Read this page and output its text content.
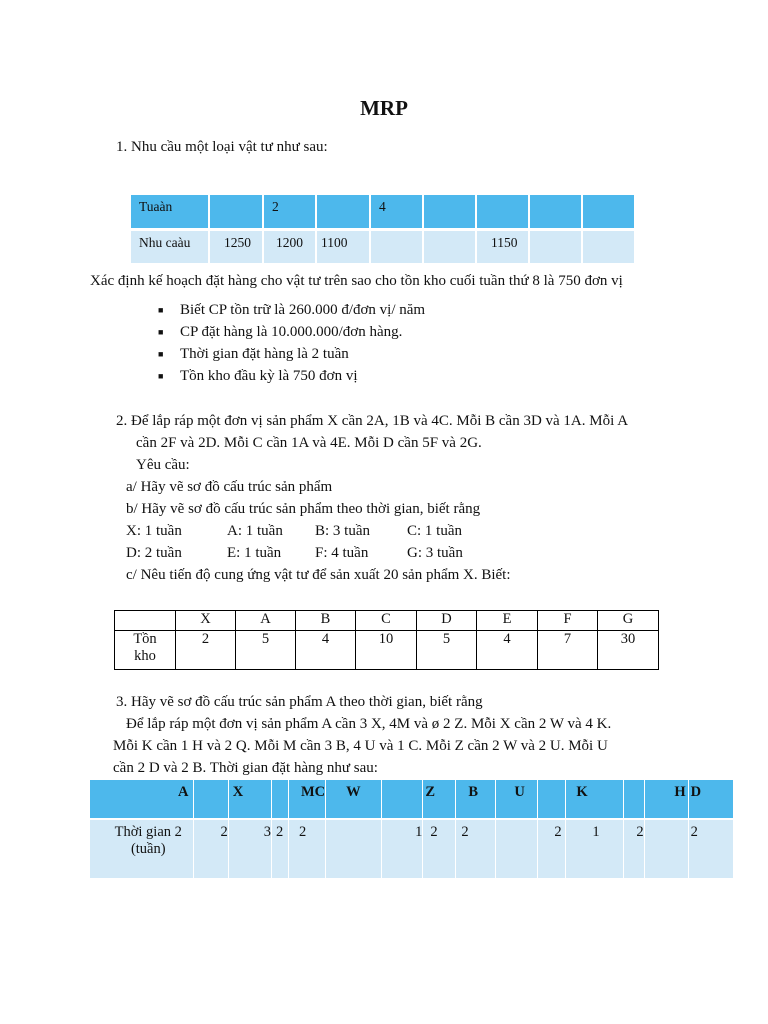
MRP
1. Nhu cầu một loại vật tư như sau:
Tuaàn		2		4				
Nhu caàu	1250	1200	1100			1150		
Xác định kế hoạch đặt hàng cho vật tư trên sao cho tồn kho cuối tuần thứ 8 là 750 đơn vị
■ Biết CP tồn trữ là 260.000 đ/đơn vị/ năm
■ CP đặt hàng là 10.000.000/đơn hàng.
■ Thời gian đặt hàng là 2 tuần
■ Tồn kho đầu kỳ là 750 đơn vị
2. Để lắp ráp một đơn vị sản phẩm X cần 2A, 1B và 4C. Mỗi B cần 3D và 1A. Mỗi A
cần 2F và 2D. Mỗi C cần 1A và 4E. Mỗi D cần 5F và 2G.
Yêu cầu:
a/ Hãy vẽ sơ đồ cấu trúc sản phẩm
b/ Hãy vẽ sơ đồ cấu trúc sản phẩm theo thời gian, biết rằng
X: 1 tuần	A: 1 tuần B: 3 tuần C: 1 tuần
D: 2 tuần	E: 1 tuần F: 4 tuần	G: 3 tuần
c/ Nêu tiến độ cung ứng vật tư để sản xuất 20 sản phẩm X. Biết:
	X	A	B	C	D	E	F	G
Tồn
kho	2	5	4	10	5	4	7	30
3. Hãy vẽ sơ đồ cấu trúc sản phẩm A theo thời gian, biết rằng
Để lắp ráp một đơn vị sản phẩm A cần 3 X, 4M và ø 2 Z. Mỗi X cần 2 W và 4 K.
Mỗi K cần 1 H và 2 Q. Mỗi M cần 3 B, 4 U và 1 C. Mỗi Z cần 2 W và 2 U. Mỗi U
cần 2 D và 2 B. Thời gian đặt hàng như sau:
A		X		MC	W		Z	B	U		K		H	D
Thời gian 2
(tuần)	2	3	2	2		1	2	2		2	1	2		2
